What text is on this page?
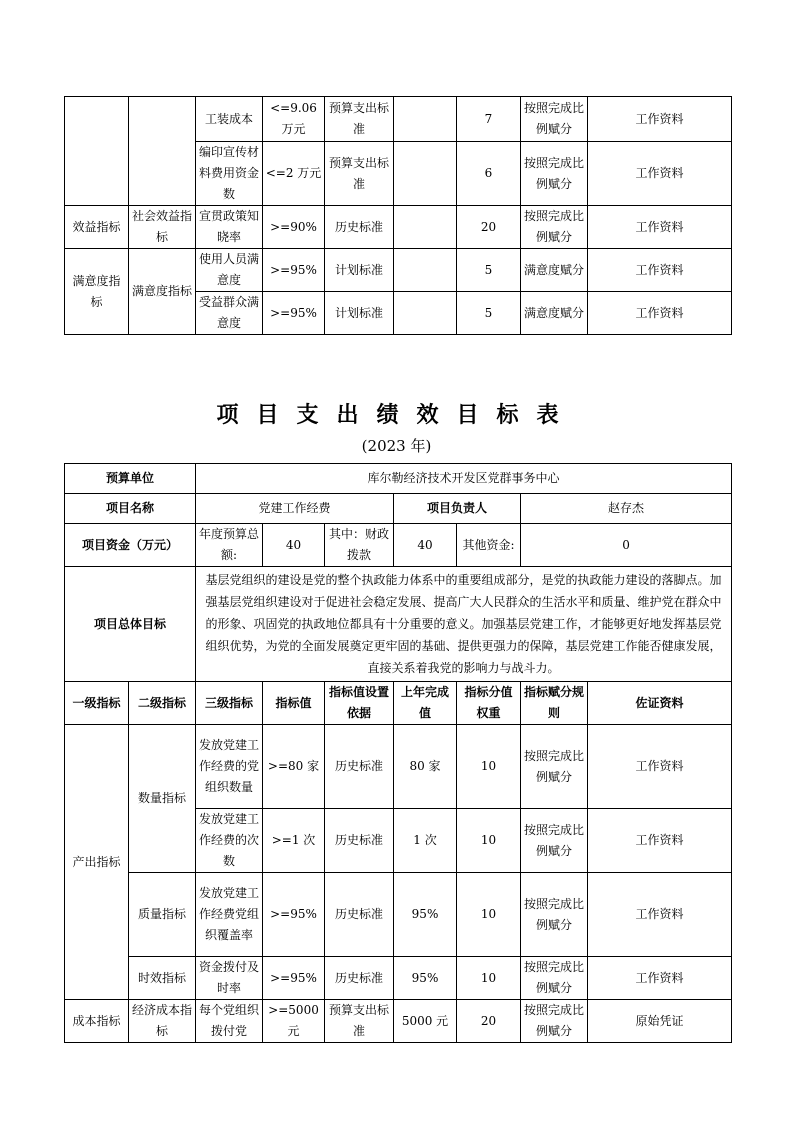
		工装成本	<=9.06 万元	预算支出标准		7	按照完成比例赋分	工作资料
		编印宣传材料费用资金数	<=2 万元	预算支出标准		6	按照完成比例赋分	工作资料
效益指标	社会效益指标	宣贯政策知晓率	>=90%	历史标准		20	按照完成比例赋分	工作资料
满意度指标	满意度指标	使用人员满意度	>=95%	计划标准		5	满意度赋分	工作资料
		受益群众满意度	>=95%	计划标准		5	满意度赋分	工作资料
项目支出绩效目标表
(2023 年)
预算单位		库尔勒经济技术开发区党群事务中心						
项目名称		党建工作经费			项目负责人		赵存杰	
项目资金（万元）		年度预算总额:	40	其中：财政拨款	40	其他资金:	0	
项目总体目标		基层党组织的建设是党的整个执政能力体系中的重要组成部分，是党的执政能力建设的落脚点。加强基层党组织建设对于促进社会稳定发展、提高广大人民群众的生活水平和质量、维护党在群众中的形象、巩固党的执政地位都具有十分重要的意义。加强基层党建工作，才能够更好地发挥基层党组织优势，为党的全面发展奠定更牢固的基础、提供更强力的保障，基层党建工作能否健康发展，直接关系着我党的影响力与战斗力。						
一级指标	二级指标	三级指标	指标值	指标值设置依据	上年完成值	指标分值权重	指标赋分规则	佐证资料
产出指标	数量指标	发放党建工作经费的党组织数量	>=80 家	历史标准	80 家	10	按照完成比例赋分	工作资料
		发放党建工作经费的次数	>=1 次	历史标准	1 次	10	按照完成比例赋分	工作资料
	质量指标	发放党建工作经费党组织覆盖率	>=95%	历史标准	95%	10	按照完成比例赋分	工作资料
	时效指标	资金拨付及时率	>=95%	历史标准	95%	10	按照完成比例赋分	工作资料
成本指标	经济成本指标	每个党组织拨付党	>=5000 元	预算支出标准	5000 元	20	按照完成比例赋分	原始凭证
